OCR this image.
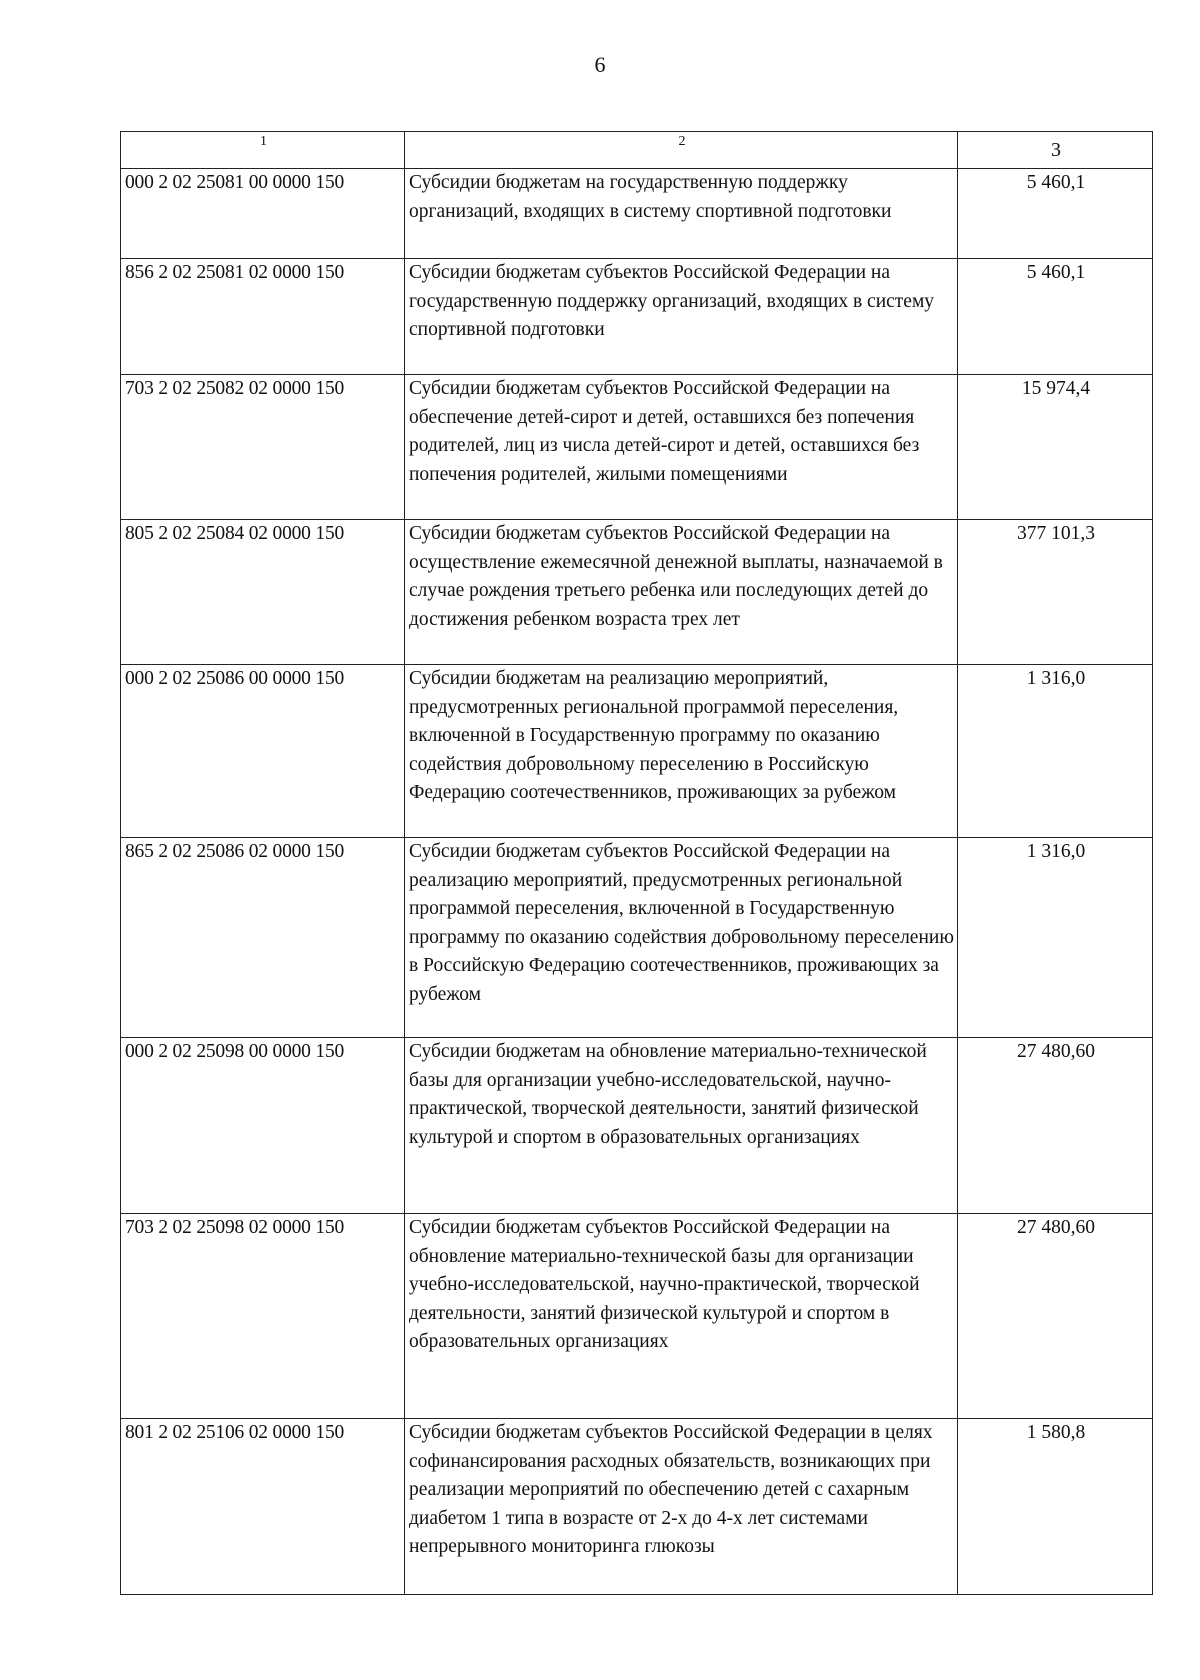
6
1	2	3
000 2 02 25081 00 0000 150	Субсидии бюджетам на государственную поддержку организаций, входящих в систему спортивной подготовки	5 460,1
856 2 02 25081 02 0000 150	Субсидии бюджетам субъектов Российской Федерации на государственную поддержку организаций, входящих в систему спортивной подготовки	5 460,1
703 2 02 25082 02 0000 150	Субсидии бюджетам субъектов Российской Федерации на обеспечение детей-сирот и детей, оставшихся без попечения родителей, лиц из числа детей-сирот и детей, оставшихся без попечения родителей, жилыми помещениями	15 974,4
805 2 02 25084 02 0000 150	Субсидии бюджетам субъектов Российской Федерации на осуществление ежемесячной денежной выплаты, назначаемой в случае рождения третьего ребенка или последующих детей до достижения ребенком возраста трех лет	377 101,3
000 2 02 25086 00 0000 150	Субсидии бюджетам на реализацию мероприятий, предусмотренных региональной программой переселения, включенной в Государственную программу по оказанию содействия добровольному переселению в Российскую Федерацию соотечественников, проживающих за рубежом	1 316,0
865 2 02 25086 02 0000 150	Субсидии бюджетам субъектов Российской Федерации на реализацию мероприятий, предусмотренных региональной программой переселения, включенной в Государственную программу по оказанию содействия добровольному переселению в Российскую Федерацию соотечественников, проживающих за рубежом	1 316,0
000 2 02 25098 00 0000 150	Субсидии бюджетам на обновление материально-технической базы для организации учебно-исследовательской, научно-практической, творческой деятельности, занятий физической культурой и спортом в образовательных организациях	27 480,60
703 2 02 25098 02 0000 150	Субсидии бюджетам субъектов Российской Федерации на обновление материально-технической базы для организации учебно-исследовательской, научно-практической, творческой деятельности, занятий физической культурой и спортом в образовательных организациях	27 480,60
801 2 02 25106 02 0000 150	Субсидии бюджетам субъектов Российской Федерации в целях софинансирования расходных обязательств, возникающих при реализации мероприятий по обеспечению детей с сахарным диабетом 1 типа в возрасте от 2-х до 4-х лет системами непрерывного мониторинга глюкозы	1 580,8
